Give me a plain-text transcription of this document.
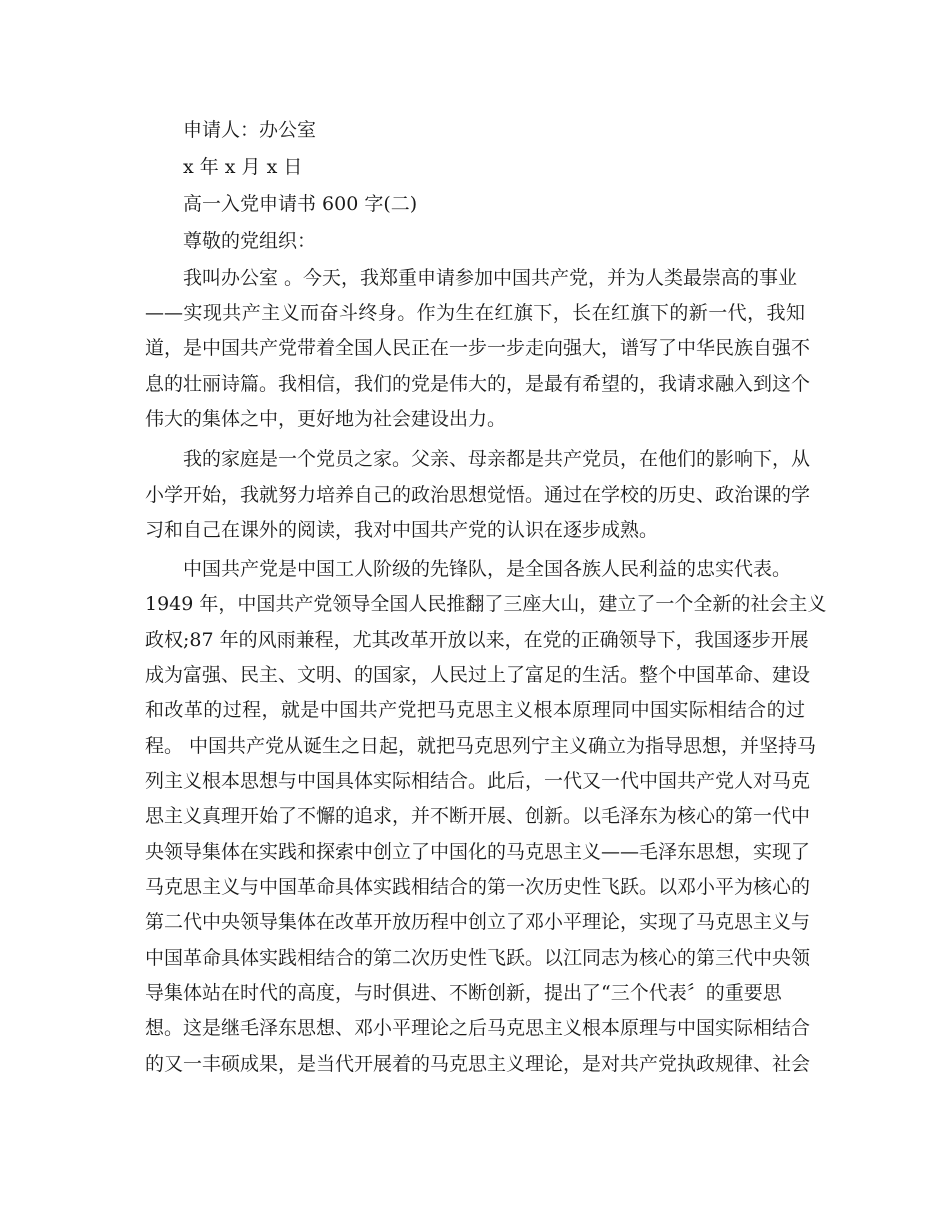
申请人：办公室
x 年 x 月 x 日
高一入党申请书 600 字(二)
尊敬的党组织：
我叫办公室 。今天，我郑重申请参加中国共产党，并为人类最崇高的事业
——实现共产主义而奋斗终身。作为生在红旗下，长在红旗下的新一代，我知
道，是中国共产党带着全国人民正在一步一步走向强大，谱写了中华民族自强不
息的壮丽诗篇。我相信，我们的党是伟大的，是最有希望的，我请求融入到这个
伟大的集体之中，更好地为社会建设出力。
我的家庭是一个党员之家。父亲、母亲都是共产党员，在他们的影响下，从
小学开始，我就努力培养自己的政治思想觉悟。通过在学校的历史、政治课的学
习和自己在课外的阅读，我对中国共产党的认识在逐步成熟。
中国共产党是中国工人阶级的先锋队，是全国各族人民利益的忠实代表。
1949 年，中国共产党领导全国人民推翻了三座大山，建立了一个全新的社会主义
政权;87 年的风雨兼程，尤其改革开放以来，在党的正确领导下，我国逐步开展
成为富强、民主、文明、的国家，人民过上了富足的生活。整个中国革命、建设
和改革的过程，就是中国共产党把马克思主义根本原理同中国实际相结合的过
程。 中国共产党从诞生之日起，就把马克思列宁主义确立为指导思想，并坚持马
列主义根本思想与中国具体实际相结合。此后，一代又一代中国共产党人对马克
思主义真理开始了不懈的追求，并不断开展、创新。以毛泽东为核心的第一代中
央领导集体在实践和探索中创立了中国化的马克思主义——毛泽东思想，实现了
马克思主义与中国革命具体实践相结合的第一次历史性飞跃。以邓小平为核心的
第二代中央领导集体在改革开放历程中创立了邓小平理论，实现了马克思主义与
中国革命具体实践相结合的第二次历史性飞跃。以江同志为核心的第三代中央领
导集体站在时代的高度，与时俱进、不断创新，提出了“三个代表〞的重要思
想。这是继毛泽东思想、邓小平理论之后马克思主义根本原理与中国实际相结合
的又一丰硕成果，是当代开展着的马克思主义理论，是对共产党执政规律、社会
